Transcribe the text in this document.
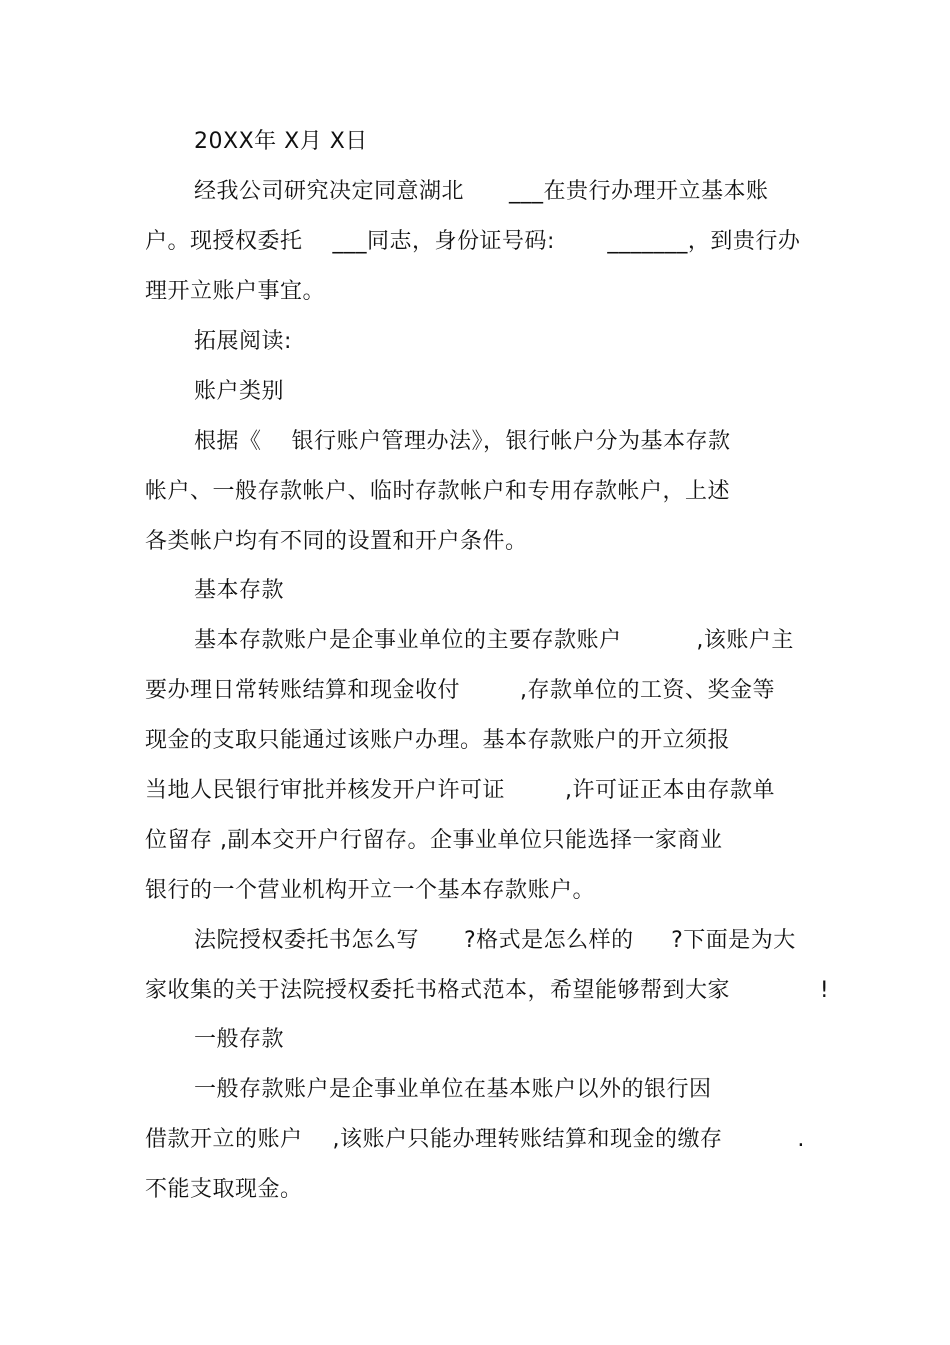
20XX年 X月 X日
经我公司研究决定同意湖北      ___在贵行办理开立基本账
户。现授权委托    ___同志，身份证号码:       _______，到贵行办
理开立账户事宜。
拓展阅读:
账户类别
根据《    银行账户管理办法》，银行帐户分为基本存款
帐户、一般存款帐户、临时存款帐户和专用存款帐户，上述
各类帐户均有不同的设置和开户条件。
基本存款
基本存款账户是企事业单位的主要存款账户          ,该账户主
要办理日常转账结算和现金收付        ,存款单位的工资、奖金等
现金的支取只能通过该账户办理。基本存款账户的开立须报
当地人民银行审批并核发开户许可证        ,许可证正本由存款单
位留存 ,副本交开户行留存。企事业单位只能选择一家商业
银行的一个营业机构开立一个基本存款账户。
法院授权委托书怎么写      ?格式是怎么样的     ?下面是为大
家收集的关于法院授权委托书格式范本，希望能够帮到大家            !
一般存款
一般存款账户是企事业单位在基本账户以外的银行因
借款开立的账户    ,该账户只能办理转账结算和现金的缴存          .
不能支取现金。
